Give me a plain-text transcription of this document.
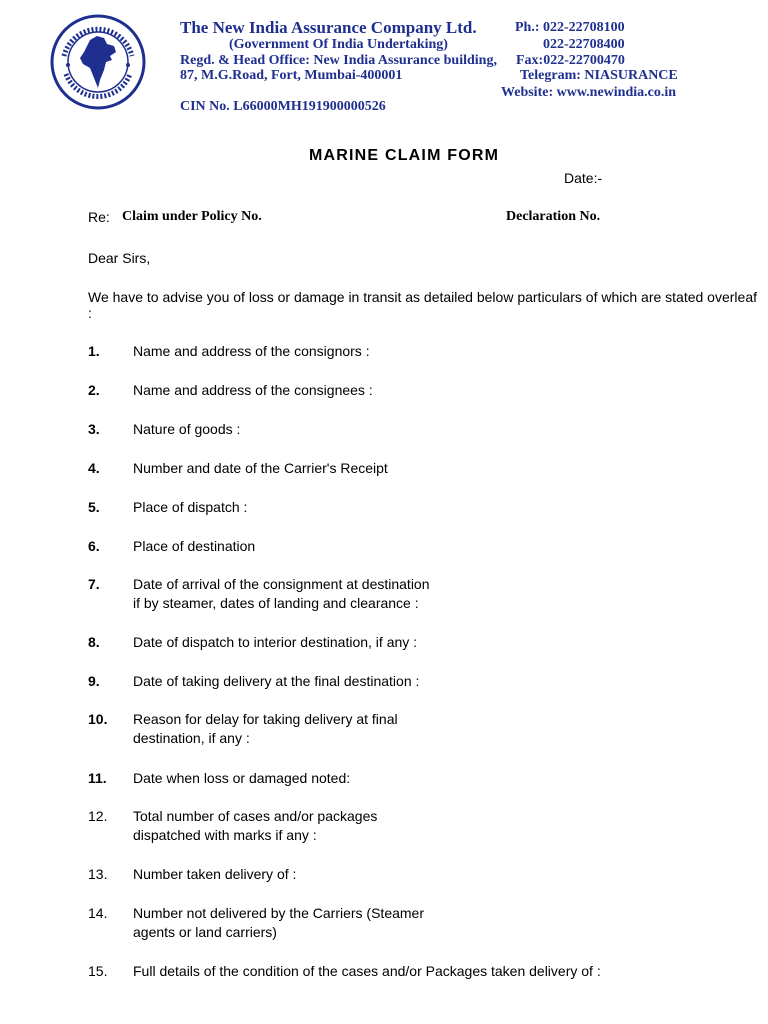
The New India Assurance Company Ltd.
(Government Of India Undertaking)
Regd. & Head Office: New India Assurance building,
87, M.G.Road, Fort, Mumbai-400001
CIN No. L66000MH191900000526
Ph.: 022-22708100
022-22708400
Fax:022-22700470
Telegram: NIASURANCE
Website: www.newindia.co.in
MARINE CLAIM FORM
Date:-
Re: Claim under Policy No.	Declaration No.
Dear Sirs,
We have to advise you of loss or damage in transit as detailed below particulars of which are stated overleaf :
1. Name and address of the consignors :
2. Name and address of the consignees :
3. Nature of goods :
4. Number and date of the Carrier's Receipt
5. Place of dispatch :
6. Place of destination
7. Date of arrival of the consignment at destination
if by steamer, dates of landing and clearance :
8. Date of dispatch to interior destination, if any :
9. Date of taking delivery at the final destination :
10. Reason for delay for taking delivery at final
destination, if any :
11. Date when loss or damaged noted:
12. Total number of cases and/or packages
dispatched with marks if any :
13. Number taken delivery of :
14. Number not delivered by the Carriers (Steamer
agents or land carriers)
15. Full details of the condition of the cases and/or Packages taken delivery of :
